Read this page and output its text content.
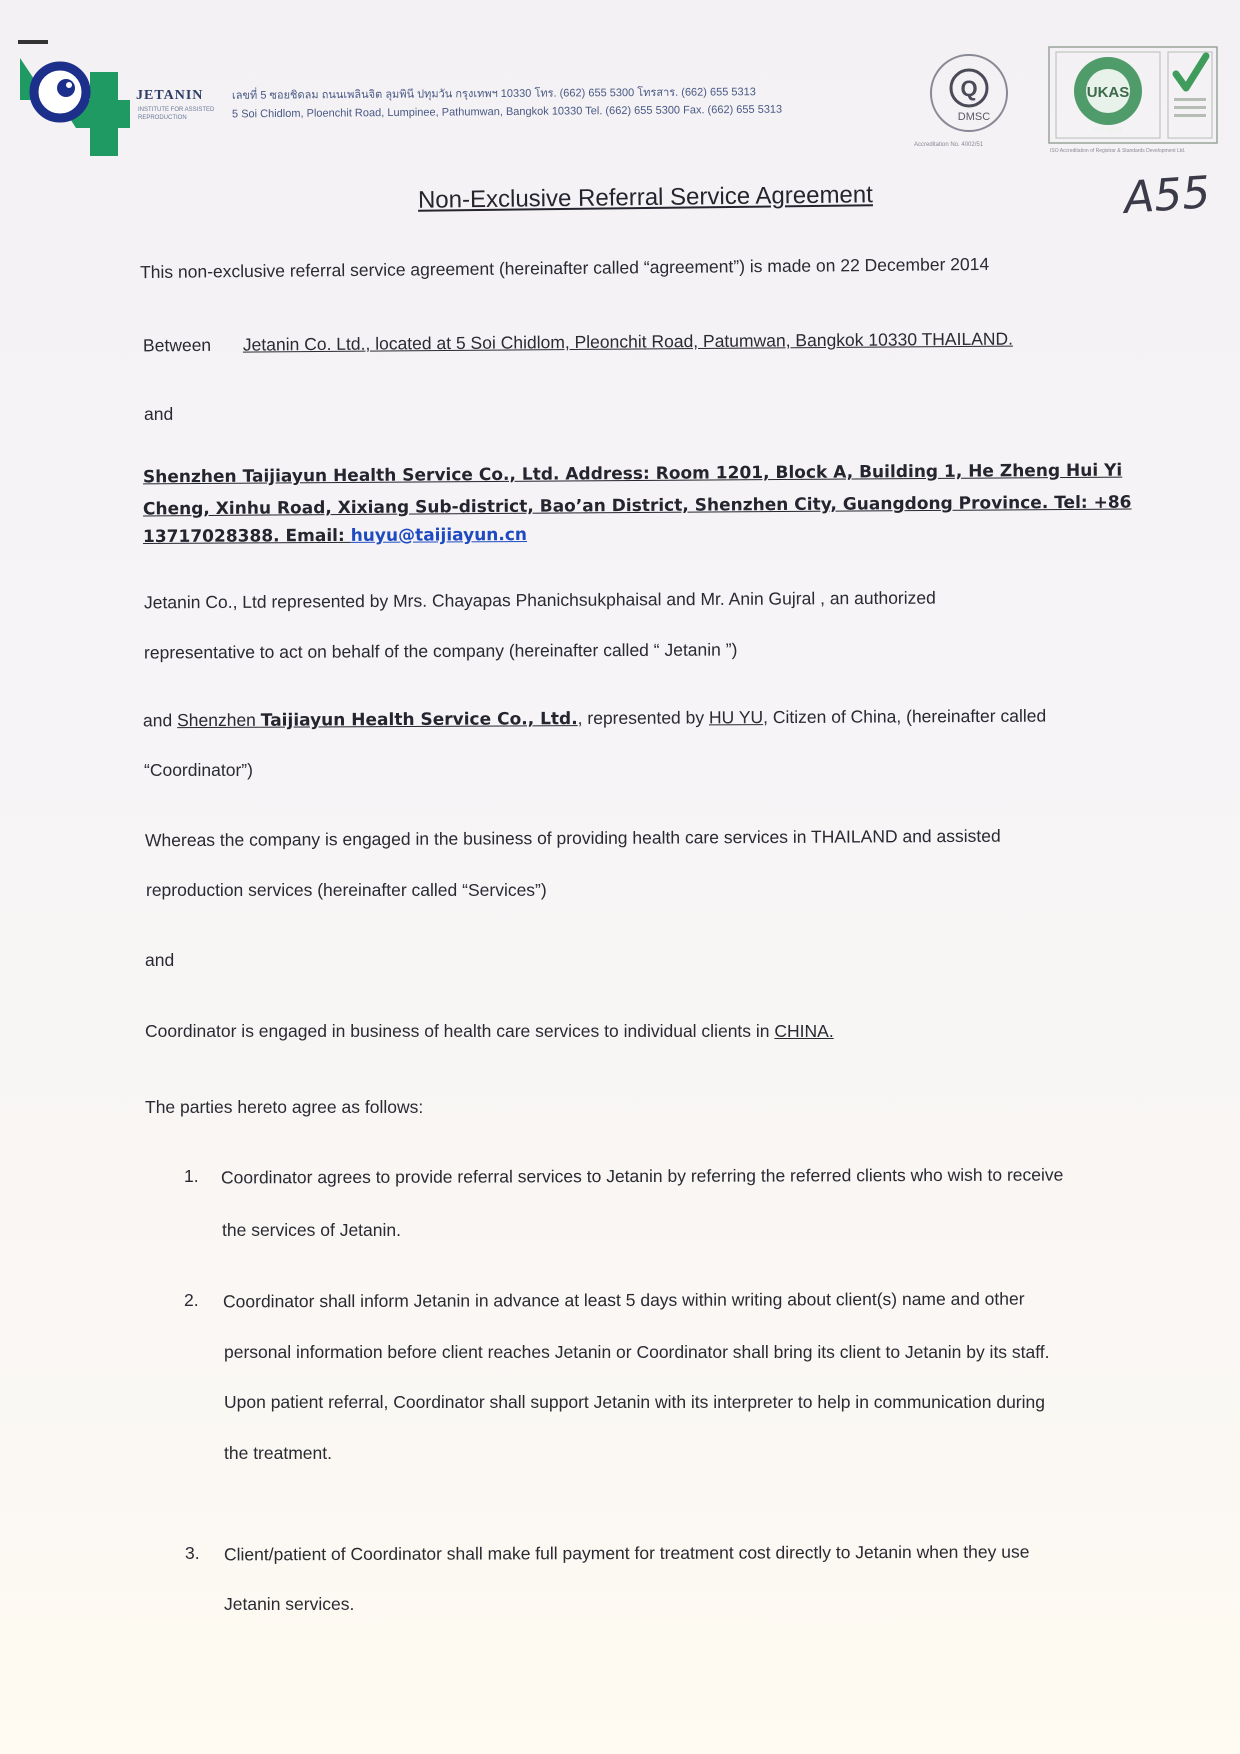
JETANIN
INSTITUTE FOR ASSISTED REPRODUCTION
เลขที่ 5 ซอยชิดลม ถนนเพลินจิต ลุมพินี ปทุมวัน กรุงเทพฯ 10330 โทร. (662) 655 5300 โทรสาร. (662) 655 5313
5 Soi Chidlom, Ploenchit Road, Lumpinee, Pathumwan, Bangkok 10330 Tel. (662) 655 5300 Fax. (662) 655 5313
Q
DMSC
Accreditation No. 4002/51
UKAS
ISO 9001
ISO Accreditation of Registrar & Standards Development Ltd.
A55
Non-Exclusive Referral Service Agreement
This non-exclusive referral service agreement (hereinafter called “agreement”) is made on 22 December 2014
Between Jetanin Co. Ltd., located at 5 Soi Chidlom, Pleonchit Road, Patumwan, Bangkok 10330 THAILAND.
and
Shenzhen Taijiayun Health Service Co., Ltd. Address: Room 1201, Block A, Building 1, He Zheng Hui Yi
Cheng, Xinhu Road, Xixiang Sub-district, Bao’an District, Shenzhen City, Guangdong Province. Tel: +86
13717028388. Email: huyu@taijiayun.cn
Jetanin Co., Ltd represented by Mrs. Chayapas Phanichsukphaisal and Mr. Anin Gujral , an authorized
representative to act on behalf of the company (hereinafter called “ Jetanin ”)
and Shenzhen Taijiayun Health Service Co., Ltd., represented by HU YU, Citizen of China, (hereinafter called
“Coordinator”)
Whereas the company is engaged in the business of providing health care services in THAILAND and assisted
reproduction services (hereinafter called “Services”)
and
Coordinator is engaged in business of health care services to individual clients in CHINA.
The parties hereto agree as follows:
1. Coordinator agrees to provide referral services to Jetanin by referring the referred clients who wish to receive
the services of Jetanin.
2. Coordinator shall inform Jetanin in advance at least 5 days within writing about client(s) name and other
personal information before client reaches Jetanin or Coordinator shall bring its client to Jetanin by its staff.
Upon patient referral, Coordinator shall support Jetanin with its interpreter to help in communication during
the treatment.
3. Client/patient of Coordinator shall make full payment for treatment cost directly to Jetanin when they use
Jetanin services.
